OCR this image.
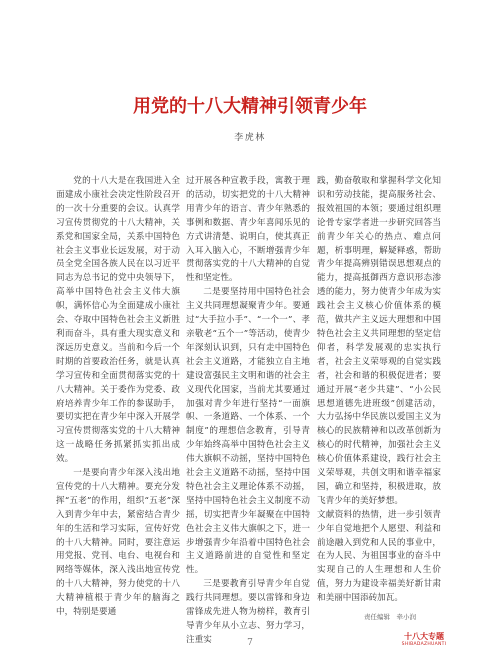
用党的十八大精神引领青少年
李虎林

党的十八大是在我国进入全面建成小康社会决定性阶段召开的一次十分重要的会议。认真学习宣传贯彻党的十八大精神，关系党和国家全局，关系中国特色社会主义事业长远发展，对于动员全党全国各族人民在以习近平同志为总书记的党中央领导下，高举中国特色社会主义伟大旗帜，满怀信心为全面建成小康社会、夺取中国特色社会主义新胜利而奋斗，具有重大现实意义和深远历史意义。当前和今后一个时期的首要政治任务，就是认真学习宣传和全面贯彻落实党的十八大精神。关于委作为党委、政府培养青少年工作的参谋助手，要切实把在青少年中深入开展学习宣传贯彻落实党的十八大精神这一战略任务抓紧抓实抓出成效。

一是要向青少年深入浅出地宣传党的十八大精神。要充分发挥“五老”的作用，组织“五老”深入到青少年中去，紧密结合青少年的生活和学习实际，宣传好党的十八大精神。同时，要注意运用党报、党刊、电台、电视台和网络等媒体，深入浅出地宣传党的十八大精神，努力使党的十八大精神植根于青少年的脑海之中，特别是要通

过开展各种宣教手段，寓教于理的活动，切实把党的十八大精神用青少年的语言、青少年熟悉的事例和数据、青少年喜闻乐见的方式讲清楚、说明白，使其真正入耳入脑入心，不断增强青少年贯彻落实党的十八大精神的自觉性和坚定性。

二是要坚持用中国特色社会主义共同理想凝聚青少年。要通过“大手拉小手”、“一个一”、孝亲敬老“五个一”等活动，使青少年深刻认识到，只有走中国特色社会主义道路，才能独立自主地建设富强民主文明和谐的社会主义现代化国家，当前尤其要通过加强对青少年进行坚持“一面旗帜、一条道路、一个体系、一个制度”的理想信念教育，引导青少年始终高举中国特色社会主义伟大旗帜不动摇，坚持中国特色社会主义道路不动摇，坚持中国特色社会主义理论体系不动摇，坚持中国特色社会主义制度不动摇，切实把青少年凝聚在中国特色社会主义伟大旗帜之下，进一步增强青少年沿着中国特色社会主义道路前进的自觉性和坚定性。

三是要教育引导青少年自觉践行共同理想。要以雷锋和身边雷锋成先进人物为榜样，教育引导青少年从小立志、努力学习，注重实

践，勤奋敬取和掌握科学文化知识和劳动技能，提高服务社会、报效祖国的本领；要通过组织理论骨专家学者进一步研究回答当前青少年关心的热点、难点问题，析事明理，解疑释惑，帮助青少年提高辨别错误思想观点的能力，提高抵御西方意识形态渗透的能力，努力使青少年成为实践社会主义核心价值体系的模范，做共产主义远大理想和中国特色社会主义共同理想的坚定信仰者，科学发展观的忠实执行者，社会主义荣辱观的自觉实践者，社会和谐的积极促进者；要通过开展“老少共建”、“小公民思想道德先进班级”创建活动，大力弘扬中华民族以爱国主义为核心的民族精神和以改革创新为核心的时代精神，加强社会主义核心价值体系建设，践行社会主义荣辱观，共创文明和谐幸福家园，确立和坚持，积极进取，放飞青少年的美好梦想。

文献资料的热情，进一步引领青少年自觉地把个人愿望、利益和前途融入到党和人民的事业中，在为人民、为祖国事业的奋斗中实现自己的人生理想和人生价值，努力为建设幸福美好新甘肃和美丽中国添砖加瓦。

责任编辑　牵小润
7
十八大专题
SHIBADAZHUANTI
